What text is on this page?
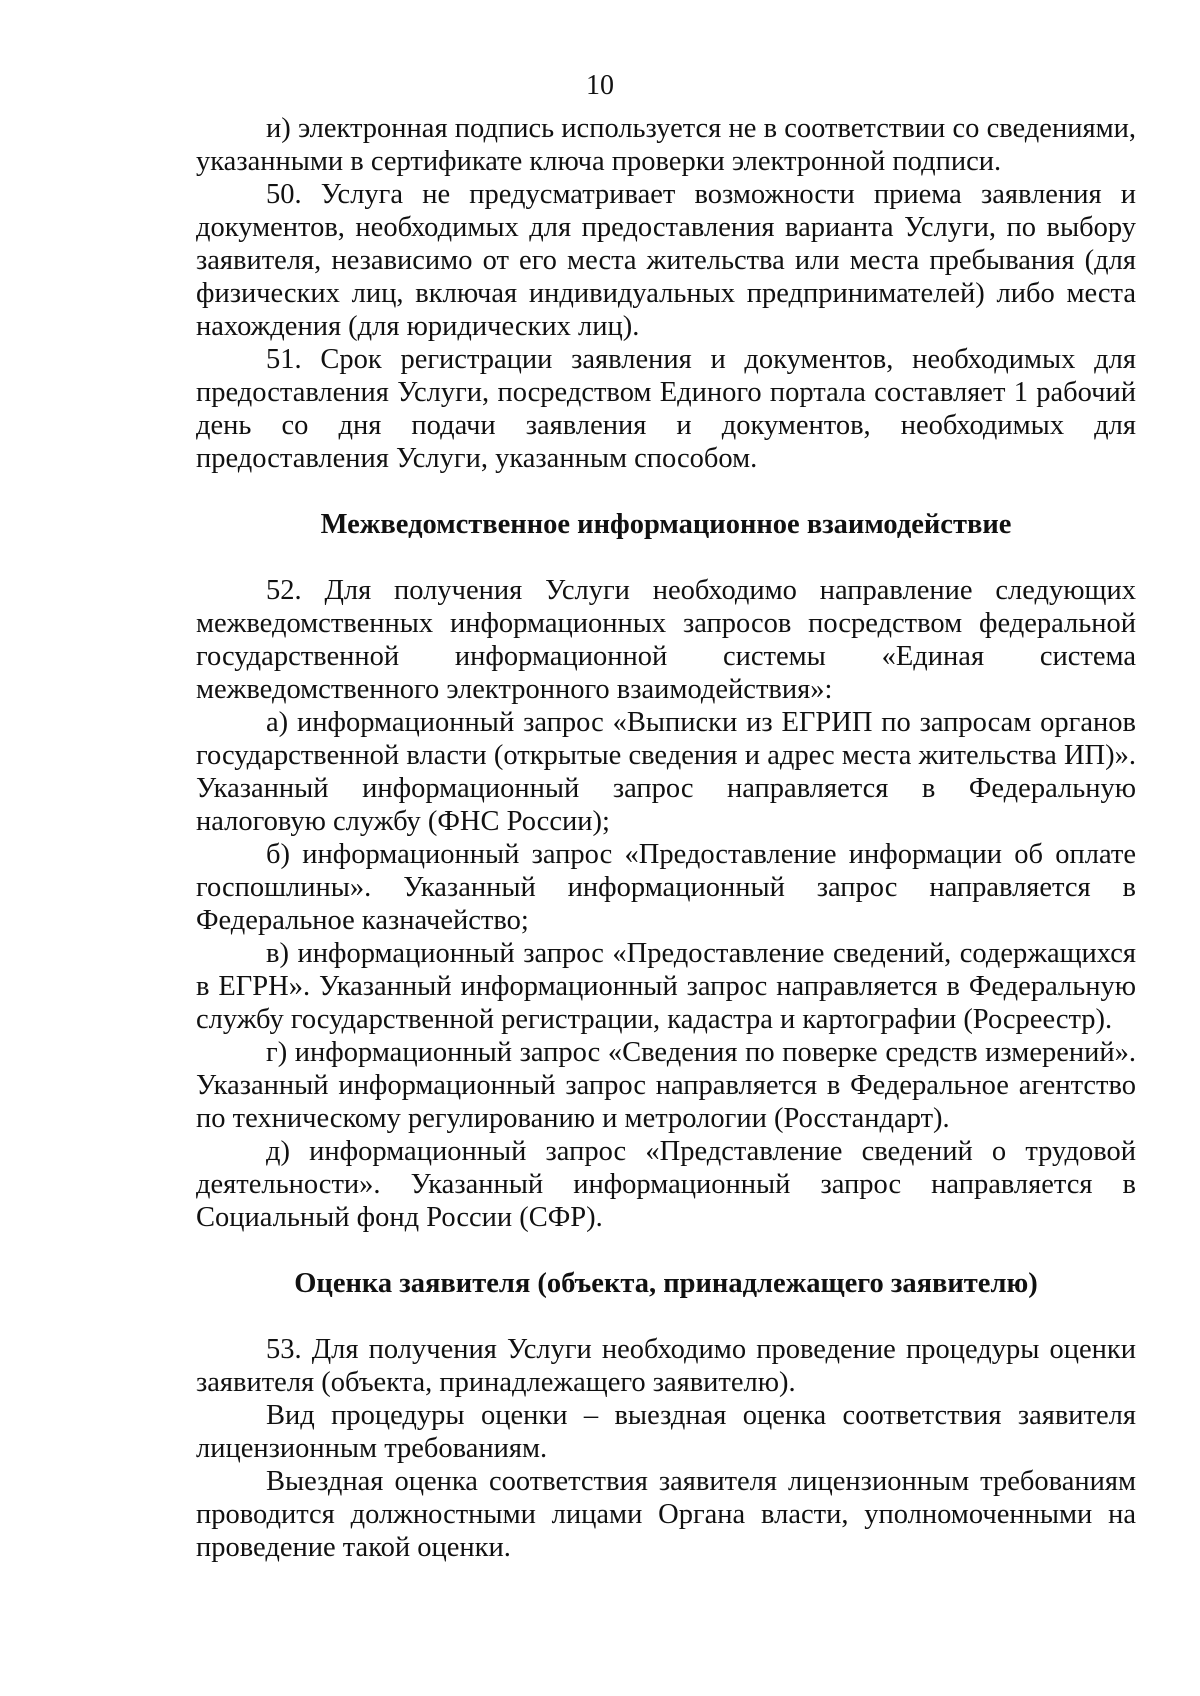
10

и) электронная подпись используется не в соответствии со сведениями, указанными в сертификате ключа проверки электронной подписи.

50. Услуга не предусматривает возможности приема заявления и документов, необходимых для предоставления варианта Услуги, по выбору заявителя, независимо от его места жительства или места пребывания (для физических лиц, включая индивидуальных предпринимателей) либо места нахождения (для юридических лиц).

51. Срок регистрации заявления и документов, необходимых для предоставления Услуги, посредством Единого портала составляет 1 рабочий день со дня подачи заявления и документов, необходимых для предоставления Услуги, указанным способом.

Межведомственное информационное взаимодействие

52. Для получения Услуги необходимо направление следующих межведомственных информационных запросов посредством федеральной государственной информационной системы «Единая система межведомственного электронного взаимодействия»:

а) информационный запрос «Выписки из ЕГРИП по запросам органов государственной власти (открытые сведения и адрес места жительства ИП)». Указанный информационный запрос направляется в Федеральную налоговую службу (ФНС России);

б) информационный запрос «Предоставление информации об оплате госпошлины». Указанный информационный запрос направляется в Федеральное казначейство;

в) информационный запрос «Предоставление сведений, содержащихся в ЕГРН». Указанный информационный запрос направляется в Федеральную службу государственной регистрации, кадастра и картографии (Росреестр).

г) информационный запрос «Сведения по поверке средств измерений». Указанный информационный запрос направляется в Федеральное агентство по техническому регулированию и метрологии (Росстандарт).

д) информационный запрос «Представление сведений о трудовой деятельности». Указанный информационный запрос направляется в Социальный фонд России (СФР).

Оценка заявителя (объекта, принадлежащего заявителю)

53. Для получения Услуги необходимо проведение процедуры оценки заявителя (объекта, принадлежащего заявителю).

Вид процедуры оценки – выездная оценка соответствия заявителя лицензионным требованиям.

Выездная оценка соответствия заявителя лицензионным требованиям проводится должностными лицами Органа власти, уполномоченными на проведение такой оценки.
